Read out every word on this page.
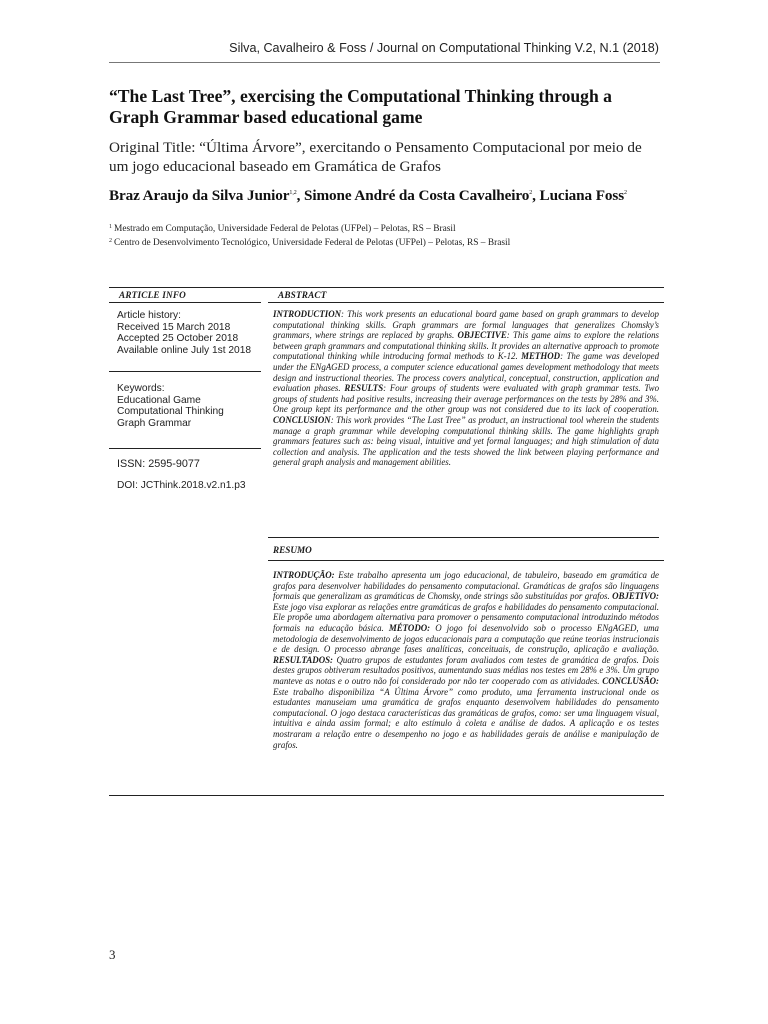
Silva, Cavalheiro & Foss / Journal on Computational Thinking V.2, N.1 (2018)
“The Last Tree”, exercising the Computational Thinking through a Graph Grammar based educational game
Original Title: “Última Árvore”, exercitando o Pensamento Computacional por meio de um jogo educacional baseado em Gramática de Grafos
Braz Araujo da Silva Junior$^{1,2}$, Simone André da Costa Cavalheiro$^2$, Luciana Foss$^2$
$^1$ Mestrado em Computação, Universidade Federal de Pelotas (UFPel) – Pelotas, RS – Brasil
$^2$ Centro de Desenvolvimento Tecnológico, Universidade Federal de Pelotas (UFPel) – Pelotas, RS – Brasil
ARTICLE INFO
Article history:
Received 15 March 2018
Accepted 25 October 2018
Available online July 1st 2018
Keywords:
Educational Game
Computational Thinking
Graph Grammar
ISSN: 2595-9077
DOI: JCThink.2018.v2.n1.p3
ABSTRACT
INTRODUCTION: This work presents an educational board game based on graph grammars to develop computational thinking skills. Graph grammars are formal languages that generalizes Chomsky’s grammars, where strings are replaced by graphs. OBJECTIVE: This game aims to explore the relations between graph grammars and computational thinking skills. It provides an alternative approach to promote computational thinking while introducing formal methods to K-12. METHOD: The game was developed under the ENgAGED process, a computer science educational games development methodology that meets design and instructional theories. The process covers analytical, conceptual, construction, application and evaluation phases. RESULTS: Four groups of students were evaluated with graph grammar tests. Two groups of students had positive results, increasing their average performances on the tests by 28% and 3%. One group kept its performance and the other group was not considered due to its lack of cooperation. CONCLUSION: This work provides “The Last Tree” as product, an instructional tool wherein the students manage a graph grammar while developing computational thinking skills. The game highlights graph grammars features such as: being visual, intuitive and yet formal languages; and high stimulation of data collection and analysis. The application and the tests showed the link between playing performance and general graph analysis and management abilities.
RESUMO
INTRODUÇÃO: Este trabalho apresenta um jogo educacional, de tabuleiro, baseado em gramática de grafos para desenvolver habilidades do pensamento computacional. Gramáticas de grafos são linguagens formais que generalizam as gramáticas de Chomsky, onde strings são substituídas por grafos. OBJETIVO: Este jogo visa explorar as relações entre gramáticas de grafos e habilidades do pensamento computacional. Ele propõe uma abordagem alternativa para promover o pensamento computacional introduzindo métodos formais na educação básica. MÉTODO: O jogo foi desenvolvido sob o processo ENgAGED, uma metodologia de desenvolvimento de jogos educacionais para a computação que reúne teorias instrucionais e de design. O processo abrange fases analíticas, conceituais, de construção, aplicação e avaliação. RESULTADOS: Quatro grupos de estudantes foram avaliados com testes de gramática de grafos. Dois destes grupos obtiveram resultados positivos, aumentando suas médias nos testes em 28% e 3%. Um grupo manteve as notas e o outro não foi considerado por não ter cooperado com as atividades. CONCLUSÃO: Este trabalho disponibiliza “A Última Árvore” como produto, uma ferramenta instrucional onde os estudantes manuseiam uma gramática de grafos enquanto desenvolvem habilidades do pensamento computacional. O jogo destaca características das gramáticas de grafos, como: ser uma linguagem visual, intuitiva e ainda assim formal; e alto estímulo à coleta e análise de dados. A aplicação e os testes mostraram a relação entre o desempenho no jogo e as habilidades gerais de análise e manipulação de grafos.
3
